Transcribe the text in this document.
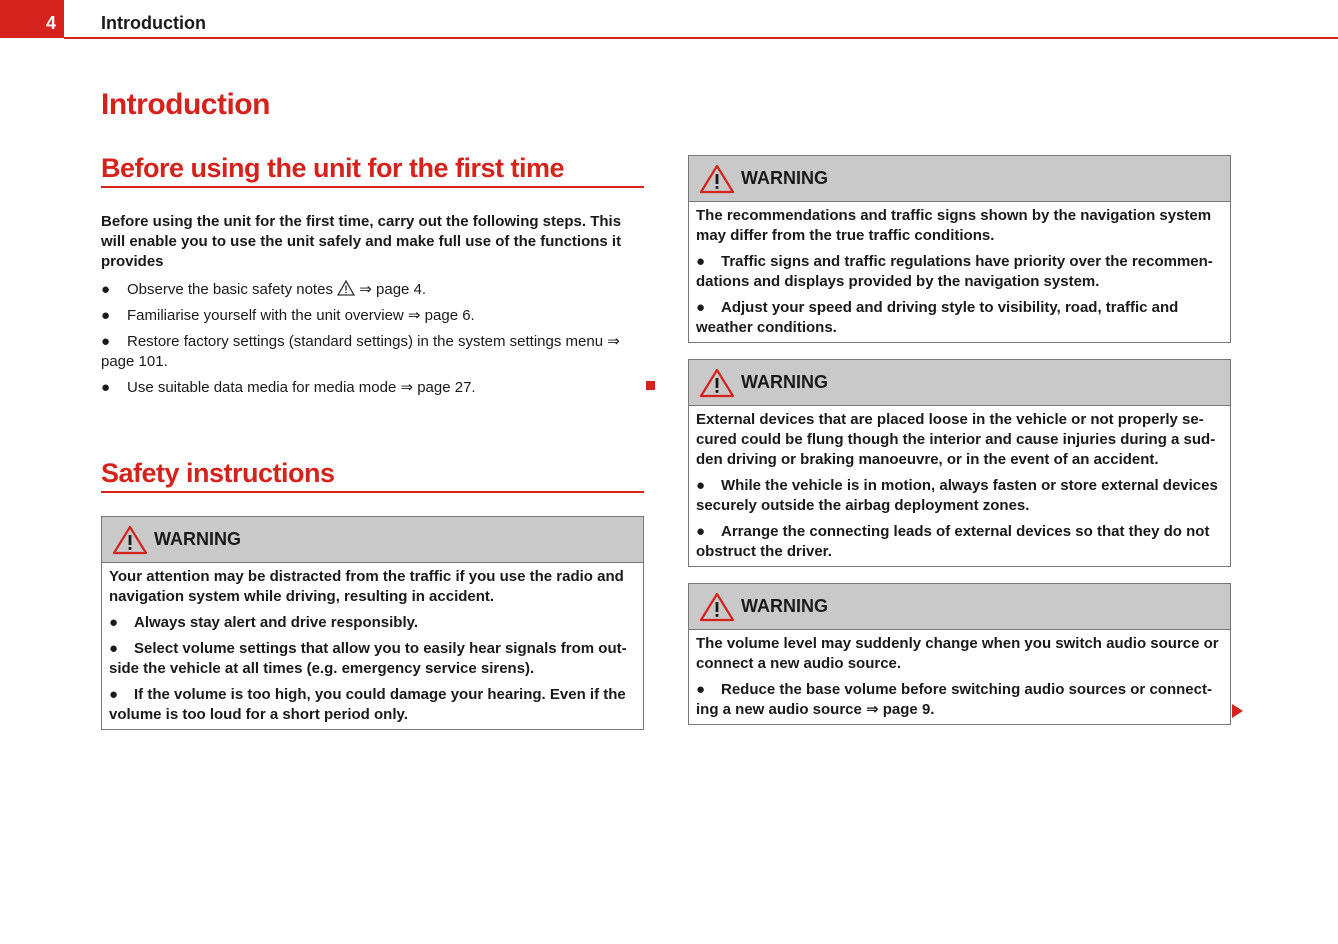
4	Introduction
Introduction
Before using the unit for the first time
Before using the unit for the first time, carry out the following steps. This will enable you to use the unit safely and make full use of the functions it provides
● Observe the basic safety notes  ⇒ page 4.
● Familiarise yourself with the unit overview ⇒ page 6.
● Restore factory settings (standard settings) in the system settings menu ⇒ page 101.
● Use suitable data media for media mode ⇒ page 27.
Safety instructions
WARNING

Your attention may be distracted from the traffic if you use the radio and navigation system while driving, resulting in accident.

● Always stay alert and drive responsibly.

● Select volume settings that allow you to easily hear signals from outside the vehicle at all times (e.g. emergency service sirens).

● If the volume is too high, you could damage your hearing. Even if the volume is too loud for a short period only.

WARNING

The recommendations and traffic signs shown by the navigation system may differ from the true traffic conditions.

● Traffic signs and traffic regulations have priority over the recommendations and displays provided by the navigation system.

● Adjust your speed and driving style to visibility, road, traffic and weather conditions.

WARNING

External devices that are placed loose in the vehicle or not properly secured could be flung though the interior and cause injuries during a sudden driving or braking manoeuvre, or in the event of an accident.

● While the vehicle is in motion, always fasten or store external devices securely outside the airbag deployment zones.

● Arrange the connecting leads of external devices so that they do not obstruct the driver.

WARNING

The volume level may suddenly change when you switch audio source or connect a new audio source.

● Reduce the base volume before switching audio sources or connecting a new audio source ⇒ page 9.
